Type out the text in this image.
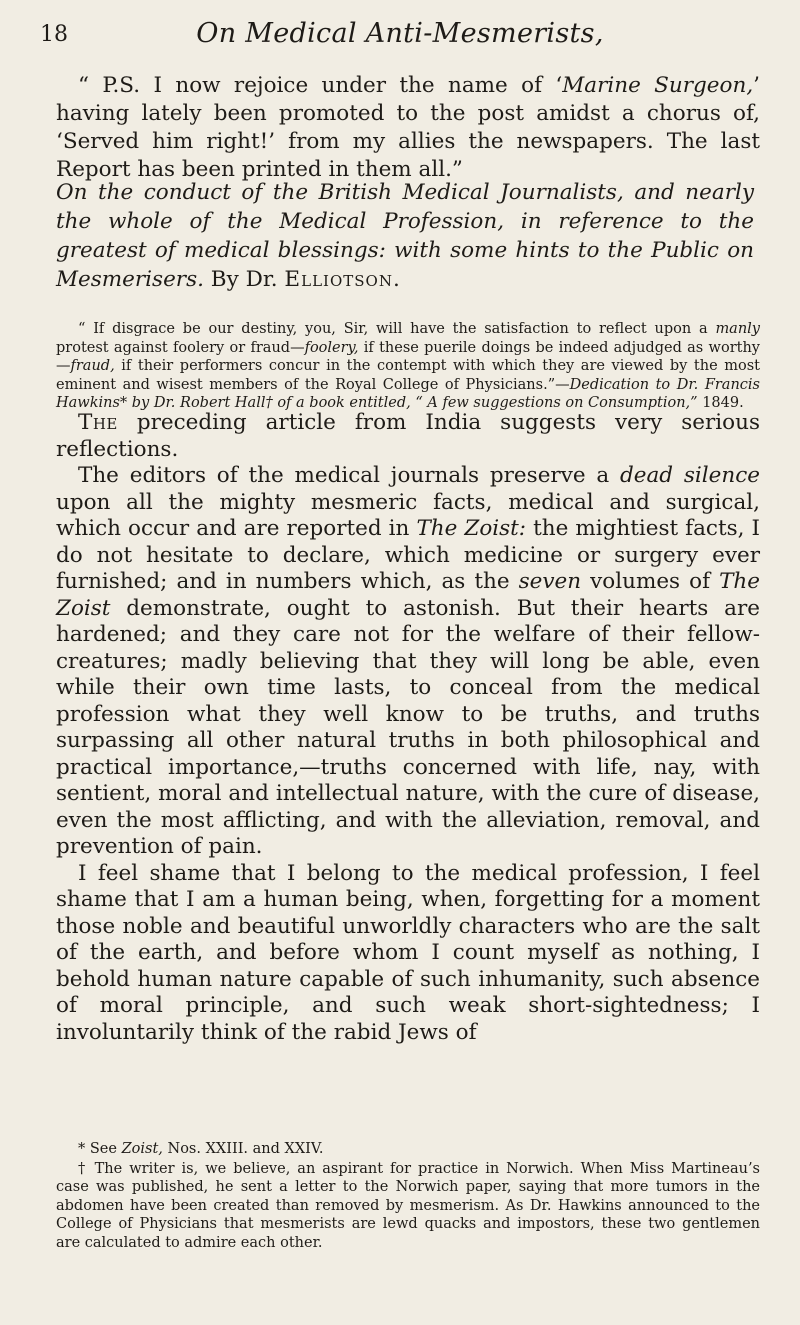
18	On Medical Anti-Mesmerists,
“ P.S. I now rejoice under the name of ‘Marine Surgeon,’ having lately been promoted to the post amidst a chorus of, ‘Served him right!’ from my allies the newspapers. The last Report has been printed in them all.”
On the conduct of the British Medical Journalists, and nearly the whole of the Medical Profession, in reference to the greatest of medical blessings: with some hints to the Public on Mesmerisers. By Dr. Elliotson.
“ If disgrace be our destiny, you, Sir, will have the satisfaction to reflect upon a manly protest against foolery or fraud—foolery, if these puerile doings be indeed adjudged as worthy—fraud, if their performers concur in the contempt with which they are viewed by the most eminent and wisest members of the Royal College of Physicians.”—Dedication to Dr. Francis Hawkins* by Dr. Robert Hall† of a book entitled, “ A few suggestions on Consumption,” 1849.

The preceding article from India suggests very serious reflections.

The editors of the medical journals preserve a dead silence upon all the mighty mesmeric facts, medical and surgical, which occur and are reported in The Zoist: the mightiest facts, I do not hesitate to declare, which medicine or surgery ever furnished; and in numbers which, as the seven volumes of The Zoist demonstrate, ought to astonish. But their hearts are hardened; and they care not for the welfare of their fellow-creatures; madly believing that they will long be able, even while their own time lasts, to conceal from the medical profession what they well know to be truths, and truths surpassing all other natural truths in both philosophical and practical importance,—truths concerned with life, nay, with sentient, moral and intellectual nature, with the cure of disease, even the most afflicting, and with the alleviation, removal, and prevention of pain.

I feel shame that I belong to the medical profession, I feel shame that I am a human being, when, forgetting for a moment those noble and beautiful unworldly characters who are the salt of the earth, and before whom I count myself as nothing, I behold human nature capable of such inhumanity, such absence of moral principle, and such weak short-sightedness; I involuntarily think of the rabid Jews of

* See Zoist, Nos. XXIII. and XXIV.

† The writer is, we believe, an aspirant for practice in Norwich. When Miss Martineau’s case was published, he sent a letter to the Norwich paper, saying that more tumors in the abdomen have been created than removed by mesmerism. As Dr. Hawkins announced to the College of Physicians that mesmerists are lewd quacks and impostors, these two gentlemen are calculated to admire each other.
